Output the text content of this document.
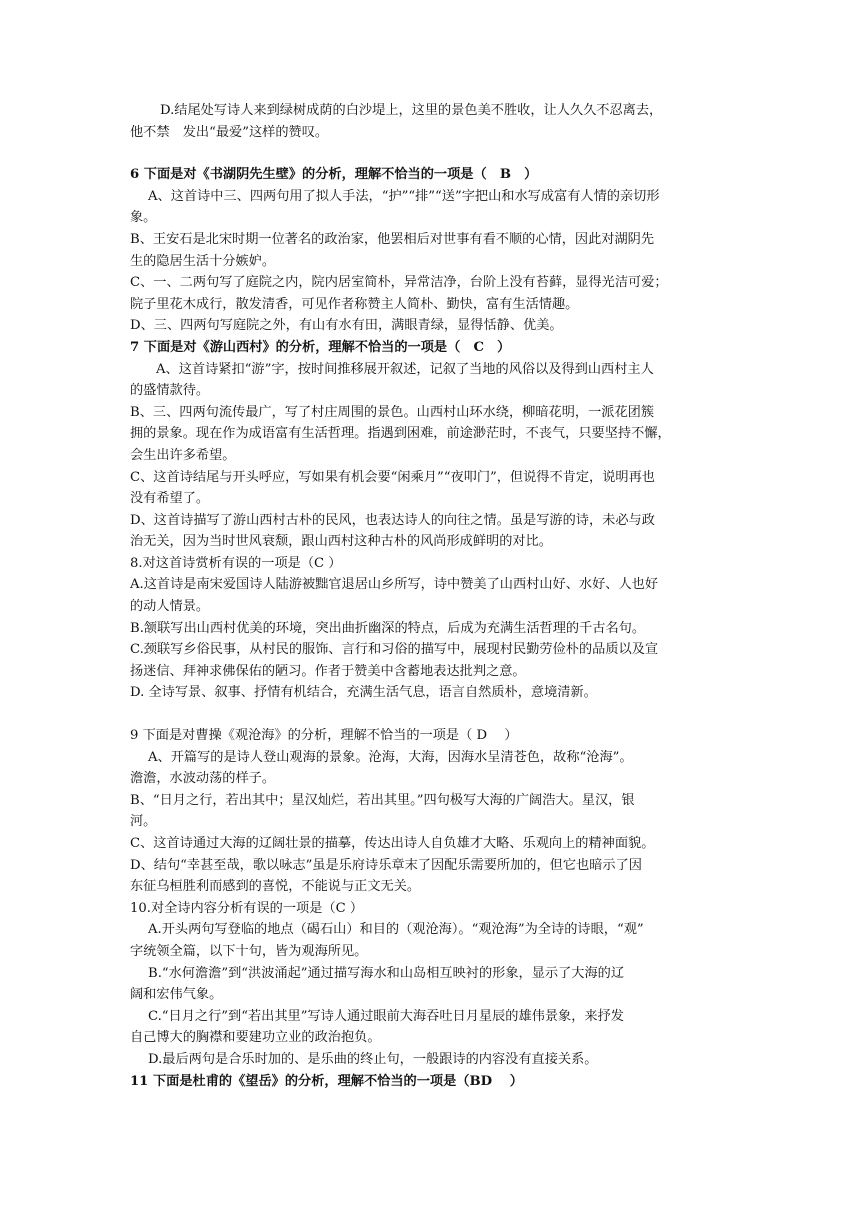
D.结尾处写诗人来到绿树成荫的白沙堤上，这里的景色美不胜收，让人久久不忍离去，
他不禁　发出“最爱”这样的赞叹。
6 下面是对《书湖阴先生壁》的分析，理解不恰当的一项是（　B　）
A、这首诗中三、四两句用了拟人手法，“护”“排”“送”字把山和水写成富有人情的亲切形
象。
B、王安石是北宋时期一位著名的政治家，他罢相后对世事有看不顺的心情，因此对湖阴先
生的隐居生活十分嫉妒。
C、一、二两句写了庭院之内，院内居室简朴，异常洁净，台阶上没有苔藓，显得光洁可爱；
院子里花木成行，散发清香，可见作者称赞主人简朴、勤快，富有生活情趣。
D、三、四两句写庭院之外，有山有水有田，满眼青绿，显得恬静、优美。
7 下面是对《游山西村》的分析，理解不恰当的一项是（　C　）
A、这首诗紧扣“游”字，按时间推移展开叙述，记叙了当地的风俗以及得到山西村主人
的盛情款待。
B、三、四两句流传最广，写了村庄周围的景色。山西村山环水绕，柳暗花明，一派花团簇
拥的景象。现在作为成语富有生活哲理。指遇到困难，前途渺茫时，不丧气，只要坚持不懈，
会生出许多希望。
C、这首诗结尾与开头呼应，写如果有机会要“闲乘月”“夜叩门”，但说得不肯定，说明再也
没有希望了。
D、这首诗描写了游山西村古朴的民风，也表达诗人的向往之情。虽是写游的诗，未必与政
治无关，因为当时世风衰颓，跟山西村这种古朴的风尚形成鲜明的对比。
8.对这首诗赏析有误的一项是（C ）
A.这首诗是南宋爱国诗人陆游被黜官退居山乡所写，诗中赞美了山西村山好、水好、人也好
的动人情景。
B.颔联写出山西村优美的环境，突出曲折幽深的特点，后成为充满生活哲理的千古名句。
C.颈联写乡俗民事，从村民的服饰、言行和习俗的描写中，展现村民勤劳俭朴的品质以及宣
扬迷信、拜神求佛保佑的陋习。作者于赞美中含蓄地表达批判之意。
D. 全诗写景、叙事、抒情有机结合，充满生活气息，语言自然质朴，意境清新。
9 下面是对曹操《观沧海》的分析，理解不恰当的一项是（ D　 ）
A、开篇写的是诗人登山观海的景象。沧海，大海，因海水呈清苍色，故称“沧海”。
澹澹，水波动荡的样子。
B、“日月之行，若出其中；星汉灿烂，若出其里。”四句极写大海的广阔浩大。星汉，银
河。
C、这首诗通过大海的辽阔壮景的描摹，传达出诗人自负雄才大略、乐观向上的精神面貌。
D、结句“幸甚至哉，歌以咏志”虽是乐府诗乐章末了因配乐需要所加的，但它也暗示了因
东征乌桓胜利而感到的喜悦，不能说与正文无关。
10.对全诗内容分析有误的一项是（C ）
A.开头两句写登临的地点（碣石山）和目的（观沧海）。“观沧海”为全诗的诗眼，“观”
字统领全篇，以下十句，皆为观海所见。
B.“水何澹澹”到“洪波涌起”通过描写海水和山岛相互映衬的形象，显示了大海的辽
阔和宏伟气象。
C.“日月之行”到“若出其里”写诗人通过眼前大海吞吐日月星辰的雄伟景象，来抒发
自己博大的胸襟和要建功立业的政治抱负。
D.最后两句是合乐时加的、是乐曲的终止句，一般跟诗的内容没有直接关系。
11 下面是杜甫的《望岳》的分析，理解不恰当的一项是（BD　 ）
